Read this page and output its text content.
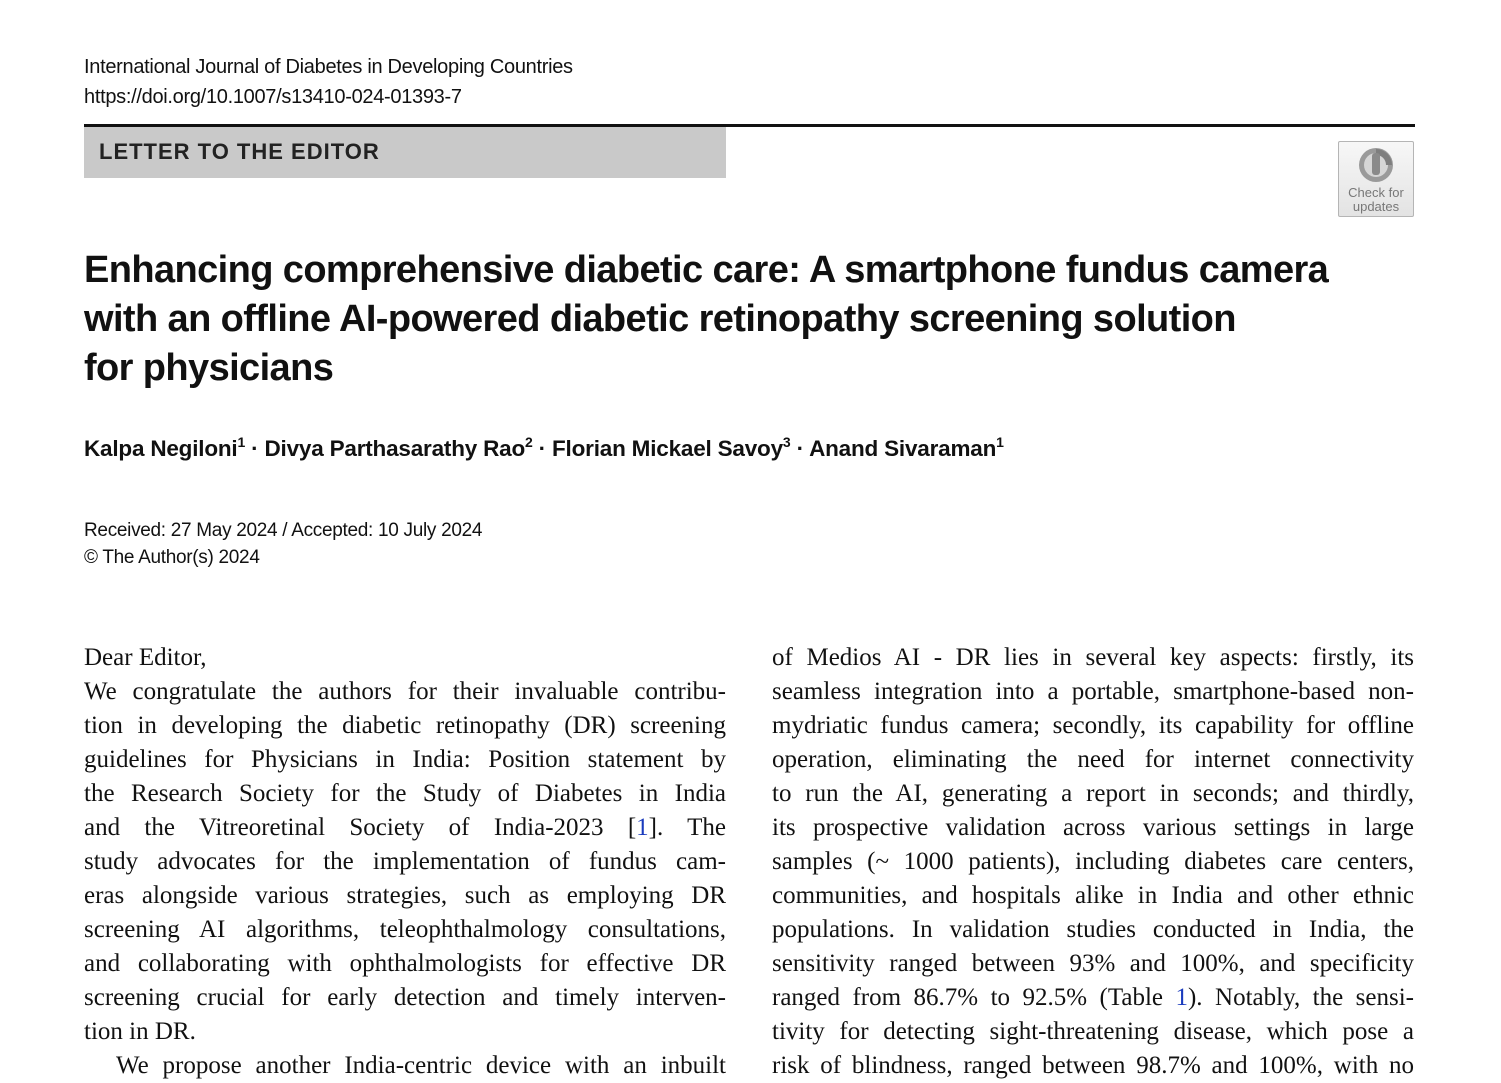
International Journal of Diabetes in Developing Countries
https://doi.org/10.1007/s13410-024-01393-7
LETTER TO THE EDITOR
Check for
updates
Enhancing comprehensive diabetic care: A smartphone fundus camera
with an offline AI-powered diabetic retinopathy screening solution
for physicians
Kalpa Negiloni$^1$ · Divya Parthasarathy Rao$^2$ · Florian Mickael Savoy$^3$ · Anand Sivaraman$^1$
Received: 27 May 2024 / Accepted: 10 July 2024
© The Author(s) 2024
Dear Editor,
We congratulate the authors for their invaluable contribu-
tion in developing the diabetic retinopathy (DR) screening
guidelines for Physicians in India: Position statement by
the Research Society for the Study of Diabetes in India
and the Vitreoretinal Society of India-2023 [1]. The
study advocates for the implementation of fundus cam-
eras alongside various strategies, such as employing DR
screening AI algorithms, teleophthalmology consultations,
and collaborating with ophthalmologists for effective DR
screening crucial for early detection and timely interven-
tion in DR.
We propose another India-centric device with an inbuilt
of Medios AI - DR lies in several key aspects: firstly, its
seamless integration into a portable, smartphone-based non-
mydriatic fundus camera; secondly, its capability for offline
operation, eliminating the need for internet connectivity
to run the AI, generating a report in seconds; and thirdly,
its prospective validation across various settings in large
samples (~ 1000 patients), including diabetes care centers,
communities, and hospitals alike in India and other ethnic
populations. In validation studies conducted in India, the
sensitivity ranged between 93% and 100%, and specificity
ranged from 86.7% to 92.5% (Table 1). Notably, the sensi-
tivity for detecting sight-threatening disease, which pose a
risk of blindness, ranged between 98.7% and 100%, with no
